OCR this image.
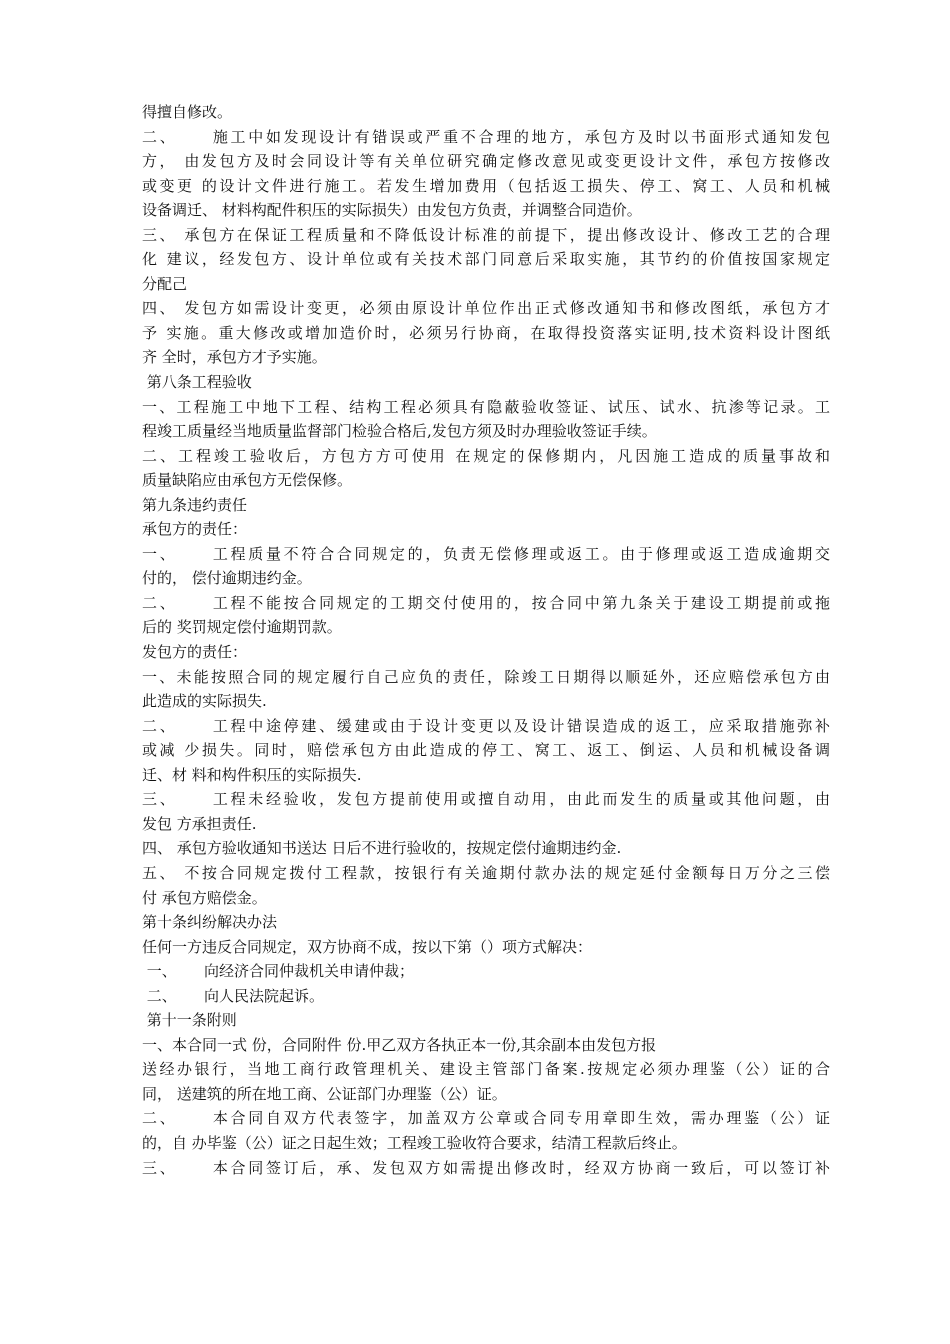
得擅自修改。
二、　　 施工中如发现设计有错误或严重不合理的地方，承包方及时以书面形式通知发包
方， 由发包方及时会同设计等有关单位研究确定修改意见或变更设计文件，承包方按修改
或变更 的设计文件进行施工。若发生增加费用（包括返工损失、停工、窝工、人员和机械
设备调迁、 材料构配件积压的实际损失）由发包方负责，并调整合同造价。
三、 承包方在保证工程质量和不降低设计标准的前提下，提出修改设计、修改工艺的合理
化 建议，经发包方、设计单位或有关技术部门同意后采取实施，其节约的价值按国家规定
分配己
四、 发包方如需设计变更，必须由原设计单位作出正式修改通知书和修改图纸，承包方才
予 实施。重大修改或增加造价时，必须另行协商，在取得投资落实证明,技术资料设计图纸
齐 全时，承包方才予实施。
第八条工程验收
一、工程施工中地下工程、结构工程必须具有隐蔽验收签证、试压、试水、抗渗等记录。工
程竣工质量经当地质量监督部门检验合格后,发包方须及时办理验收签证手续。
二、工程竣工验收后，方包方方可使用 在规定的保修期内，凡因施工造成的质量事故和
质量缺陷应由承包方无偿保修。
第九条违约责任
承包方的责任：
一、　　 工程质量不符合合同规定的，负责无偿修理或返工。由于修理或返工造成逾期交
付的， 偿付逾期违约金。
二、　　 工程不能按合同规定的工期交付使用的，按合同中第九条关于建设工期提前或拖
后的 奖罚规定偿付逾期罚款。
发包方的责任：
一、未能按照合同的规定履行自己应负的责任，除竣工日期得以顺延外，还应赔偿承包方由
此造成的实际损失.
二、　　 工程中途停建、缓建或由于设计变更以及设计错误造成的返工，应采取措施弥补
或减 少损失。同时，赔偿承包方由此造成的停工、窝工、返工、倒运、人员和机械设备调
迁、材 料和构件积压的实际损失.
三、　　 工程未经验收，发包方提前使用或擅自动用，由此而发生的质量或其他问题，由
发包 方承担责任.
四、 承包方验收通知书送达 日后不进行验收的，按规定偿付逾期违约金.
五、 不按合同规定拨付工程款，按银行有关逾期付款办法的规定延付金额每日万分之三偿
付 承包方赔偿金。
第十条纠纷解决办法
任何一方违反合同规定，双方协商不成，按以下第（）项方式解决：
一、　　 向经济合同仲裁机关申请仲裁；
二、　　 向人民法院起诉。
第十一条附则
一、本合同一式 份，合同附件 份.甲乙双方各执正本一份,其余副本由发包方报
送经办银行，当地工商行政管理机关、建设主管部门备案.按规定必须办理鉴（公）证的合
同， 送建筑的所在地工商、公证部门办理鉴（公）证。
二、　　 本合同自双方代表签字，加盖双方公章或合同专用章即生效，需办理鉴（公）证
的，自 办毕鉴（公）证之日起生效；工程竣工验收符合要求，结清工程款后终止。
三、　　 本合同签订后，承、发包双方如需提出修改时，经双方协商一致后，可以签订补
